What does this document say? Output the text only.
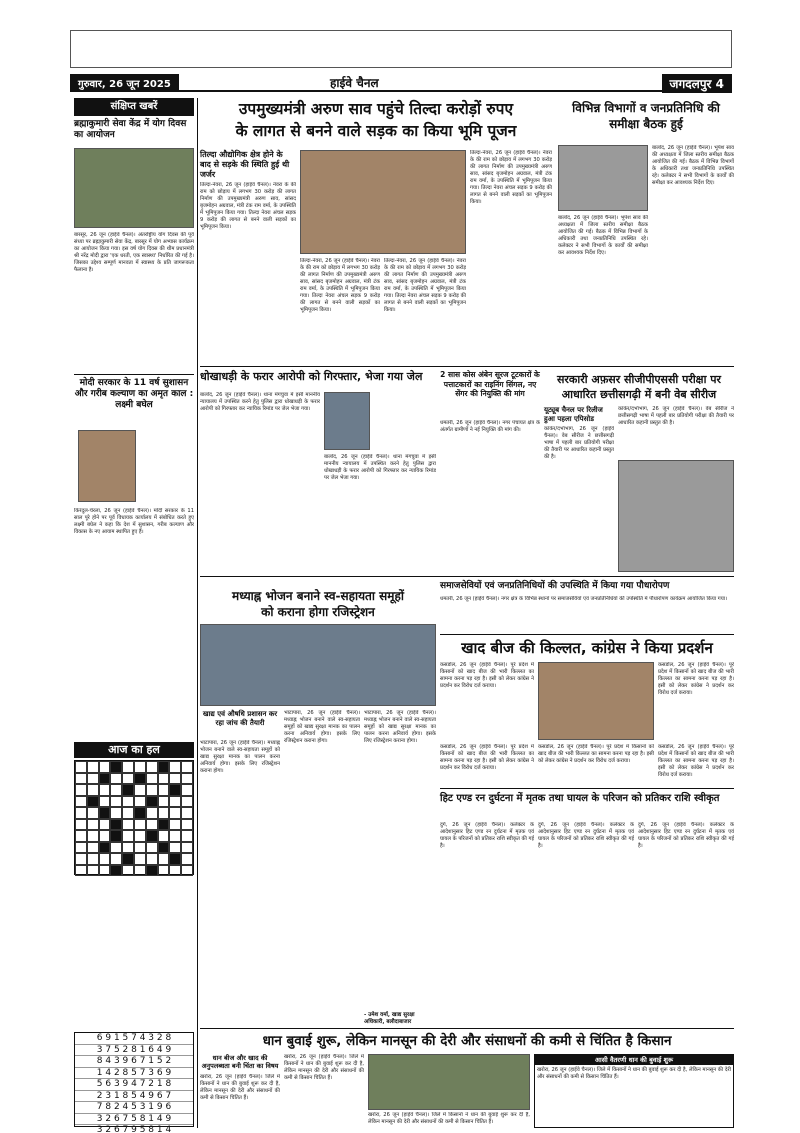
गुरुवार, 26 जून 2025	हाईवे चैनल	जगदलपुर 4
संक्षिप्त खबरें
ब्रह्माकुमारी सेवा केंद्र में योग दिवस का आयोजन
बारसूर, 26 जून (हाईवे चैनल)। अंतर्राष्ट्रीय योग दिवस की पूर्व संध्या पर ब्रह्माकुमारी सेवा केंद्र, बारसूर में योग अभ्यास कार्यक्रम का आयोजन किया गया। इस वर्ष योग दिवस की थीम प्रधानमंत्री श्री नरेंद्र मोदी द्वारा 'एक धरती, एक स्वास्थ्य' निर्धारित की गई है। जिसका उद्देश्य सम्पूर्ण मानवता में स्वास्थ्य के प्रति जागरूकता फैलाना है।
मोदी सरकार के 11 वर्ष सुशासन और गरीब कल्याण का अमृत काल : लक्ष्मी बघेल
किरंदुल-चेरला, 26 जून (हाईवे चैनल)। मोदी सरकार के 11 साल पूरे होने पर पूर्व विधायक कार्यालय में संबोधित करते हुए लक्ष्मी बघेल ने कहा कि देश में सुशासन, गरीब कल्याण और विकास के नए आयाम स्थापित हुए हैं।
आज का हल
6 9 1 5 7 4 3 2 8
3 7 5 2 8 1 6 4 9
8 4 3 9 6 7 1 5 2
1 4 2 8 5 7 3 6 9
5 6 3 9 4 7 2 1 8
2 3 1 8 5 4 9 6 7
7 8 2 4 5 3 1 9 6
3 2 6 7 5 8 1 4 9
3 2 6 7 9 5 8 1 4
उपमुख्यमंत्री अरुण साव पहुंचे तिल्दा करोड़ों रुपए
के लागत से बनने वाले सड़क का किया भूमि पूजन
तिल्दा औद्योगिक क्षेत्र होने के बाद से सड़के की स्थिति हुई थी जर्जर
तिल्दा-नेवरा, 26 जून (हाईवे चैनल)। नेवरा के की राम को छोड़ाय में लगभग 30 करोड़ की लागत निर्माण की उपमुख्यमंत्री अरुण साव, सांसद बृजमोहन अग्रवाल, मंत्री टंक राम वर्मा, के उपस्थिति में भूमिपूजन किया गया। तिल्दा नेवरा अंचल सड़क 9 करोड़ की लागत से बनने वाली सड़कों का भूमिपूजन किया।
तिल्दा-नेवरा, 26 जून (हाईवे चैनल)। नेवरा के की राम को छोड़ाय में लगभग 30 करोड़ की लागत निर्माण की उपमुख्यमंत्री अरुण साव, सांसद बृजमोहन अग्रवाल, मंत्री टंक राम वर्मा, के उपस्थिति में भूमिपूजन किया गया। तिल्दा नेवरा अंचल सड़क 9 करोड़ की लागत से बनने वाली सड़कों का भूमिपूजन किया।
तिल्दा-नेवरा, 26 जून (हाईवे चैनल)। नेवरा के की राम को छोड़ाय में लगभग 30 करोड़ की लागत निर्माण की उपमुख्यमंत्री अरुण साव, सांसद बृजमोहन अग्रवाल, मंत्री टंक राम वर्मा, के उपस्थिति में भूमिपूजन किया गया। तिल्दा नेवरा अंचल सड़क 9 करोड़ की लागत से बनने वाली सड़कों का भूमिपूजन किया।
तिल्दा-नेवरा, 26 जून (हाईवे चैनल)। नेवरा के की राम को छोड़ाय में लगभग 30 करोड़ की लागत निर्माण की उपमुख्यमंत्री अरुण साव, सांसद बृजमोहन अग्रवाल, मंत्री टंक राम वर्मा, के उपस्थिति में भूमिपूजन किया गया। तिल्दा नेवरा अंचल सड़क 9 करोड़ की लागत से बनने वाली सड़कों का भूमिपूजन किया।
विभिन्न विभागों व जनप्रतिनिधि की समीक्षा बैठक हुई
बालोद, 26 जून (हाईवे चैनल)। भूपेश साव की अध्यक्षता में जिला स्तरीय समीक्षा बैठक आयोजित की गई। बैठक में विभिन्न विभागों के अधिकारी तथा जनप्रतिनिधि उपस्थित रहे। कलेक्टर ने सभी विभागों के कार्यों की समीक्षा कर आवश्यक निर्देश दिए।
बालोद, 26 जून (हाईवे चैनल)। भूपेश साव की अध्यक्षता में जिला स्तरीय समीक्षा बैठक आयोजित की गई। बैठक में विभिन्न विभागों के अधिकारी तथा जनप्रतिनिधि उपस्थित रहे। कलेक्टर ने सभी विभागों के कार्यों की समीक्षा कर आवश्यक निर्देश दिए।
धोखाधड़ी के फरार आरोपी को गिरफ्तार, भेजा गया जेल
बालोद, 26 जून (हाईवे चैनल)। थाना मंगचुवा में इसी माननीय न्यायालय में उपस्थित करने हेतु पुलिस द्वारा धोखाधड़ी के फरार आरोपी को गिरफ्तार कर न्यायिक रिमांड पर जेल भेजा गया।
बालोद, 26 जून (हाईवे चैनल)। थाना मंगचुवा में इसी माननीय न्यायालय में उपस्थित करने हेतु पुलिस द्वारा धोखाधड़ी के फरार आरोपी को गिरफ्तार कर न्यायिक रिमांड पर जेल भेजा गया।
2 सास कोस अंबेन सूरज टूटकारों के पत्ताटकारों का राइनिंग सिंगल, नए सेंगर की नियुक्ति की मांग
धमतरी, 26 जून (हाईवे चैनल)। नगर पंचायत क्षेत्र के अंतर्गत ग्रामीणों ने नई नियुक्ति की मांग की।
सरकारी अफ़सर सीजीपीएससी परीक्षा पर
आधारित छत्तीसगढ़ी में बनी वेब सीरीज
यूट्यूब चैनल पर रिलीज हुआ पहला एपिसोड
कांकेर/दर्भाभाग, 26 जून (हाईवे चैनल)। वेब सीरीज ने छत्तीसगढ़ी भाषा में पहली बार प्रतियोगी परीक्षा की तैयारी पर आधारित कहानी प्रस्तुत की है।
कांकेर/दर्भाभाग, 26 जून (हाईवे चैनल)। वेब सीरीज ने छत्तीसगढ़ी भाषा में पहली बार प्रतियोगी परीक्षा की तैयारी पर आधारित कहानी प्रस्तुत की है।
समाजसेवियों एवं जनप्रतिनिधियों की उपस्थिति में किया गया पौधारोपण
धमतरी, 26 जून (हाईवे चैनल)। नगर क्षेत्र के विभिन्न स्थानों पर समाजसेवियों एवं जनप्रतिनिधियों की उपस्थिति में पौधारोपण कार्यक्रम आयोजित किया गया।
मध्याह्न भोजन बनाने स्व-सहायता समूहों
को कराना होगा रजिस्ट्रेशन
खाद्य एवं औषधि प्रशासन कर रहा जांच की तैयारी
भाटापारा, 26 जून (हाईवे चैनल)। मध्याह्न भोजन बनाने वाले स्व-सहायता समूहों को खाद्य सुरक्षा मानक का पालन करना अनिवार्य होगा। इसके लिए रजिस्ट्रेशन कराना होगा।
भाटापारा, 26 जून (हाईवे चैनल)। मध्याह्न भोजन बनाने वाले स्व-सहायता समूहों को खाद्य सुरक्षा मानक का पालन करना अनिवार्य होगा। इसके लिए रजिस्ट्रेशन कराना होगा।
भाटापारा, 26 जून (हाईवे चैनल)। मध्याह्न भोजन बनाने वाले स्व-सहायता समूहों को खाद्य सुरक्षा मानक का पालन करना अनिवार्य होगा। इसके लिए रजिस्ट्रेशन कराना होगा।
- उमेश वर्मा, खाद्य सुरक्षा अधिकारी, बलौदाबाजार
खाद बीज की किल्लत, कांग्रेस ने किया प्रदर्शन
कसडोल, 26 जून (हाईवे चैनल)। पूरे प्रदेश में किसानों को खाद बीज की भारी किल्लत का सामना करना पड़ रहा है। इसी को लेकर कांग्रेस ने प्रदर्शन कर विरोध दर्ज कराया।
कसडोल, 26 जून (हाईवे चैनल)। पूरे प्रदेश में किसानों को खाद बीज की भारी किल्लत का सामना करना पड़ रहा है। इसी को लेकर कांग्रेस ने प्रदर्शन कर विरोध दर्ज कराया।
कसडोल, 26 जून (हाईवे चैनल)। पूरे प्रदेश में किसानों को खाद बीज की भारी किल्लत का सामना करना पड़ रहा है। इसी को लेकर कांग्रेस ने प्रदर्शन कर विरोध दर्ज कराया।
कसडोल, 26 जून (हाईवे चैनल)। पूरे प्रदेश में किसानों को खाद बीज की भारी किल्लत का सामना करना पड़ रहा है। इसी को लेकर कांग्रेस ने प्रदर्शन कर विरोध दर्ज कराया।
कसडोल, 26 जून (हाईवे चैनल)। पूरे प्रदेश में किसानों को खाद बीज की भारी किल्लत का सामना करना पड़ रहा है। इसी को लेकर कांग्रेस ने प्रदर्शन कर विरोध दर्ज कराया।
हिट एण्ड रन दुर्घटना में मृतक तथा घायल के परिजन को प्रतिकर राशि स्वीकृत
दुर्ग, 26 जून (हाईवे चैनल)। कलेक्टर के आदेशानुसार हिट एण्ड रन दुर्घटना में मृतक एवं घायल के परिजनों को प्रतिकर राशि स्वीकृत की गई है।
दुर्ग, 26 जून (हाईवे चैनल)। कलेक्टर के आदेशानुसार हिट एण्ड रन दुर्घटना में मृतक एवं घायल के परिजनों को प्रतिकर राशि स्वीकृत की गई है।
दुर्ग, 26 जून (हाईवे चैनल)। कलेक्टर के आदेशानुसार हिट एण्ड रन दुर्घटना में मृतक एवं घायल के परिजनों को प्रतिकर राशि स्वीकृत की गई है।
धान बुवाई शुरू, लेकिन मानसून की देरी और संसाधनों की कमी से चिंतित है किसान
धान बीज और खाद की अनुपलब्धता बनी चिंता का विषय
खरोरा, 26 जून (हाईवे चैनल)। जिले में किसानों ने धान की बुवाई शुरू कर दी है, लेकिन मानसून की देरी और संसाधनों की कमी से किसान चिंतित हैं।
खरोरा, 26 जून (हाईवे चैनल)। जिले में किसानों ने धान की बुवाई शुरू कर दी है, लेकिन मानसून की देरी और संसाधनों की कमी से किसान चिंतित हैं।
खरोरा, 26 जून (हाईवे चैनल)। जिले में किसानों ने धान की बुवाई शुरू कर दी है, लेकिन मानसून की देरी और संसाधनों की कमी से किसान चिंतित हैं।
आसी वैतरणी धान की बुवाई शुरू
खरोरा, 26 जून (हाईवे चैनल)। जिले में किसानों ने धान की बुवाई शुरू कर दी है, लेकिन मानसून की देरी और संसाधनों की कमी से किसान चिंतित हैं।
